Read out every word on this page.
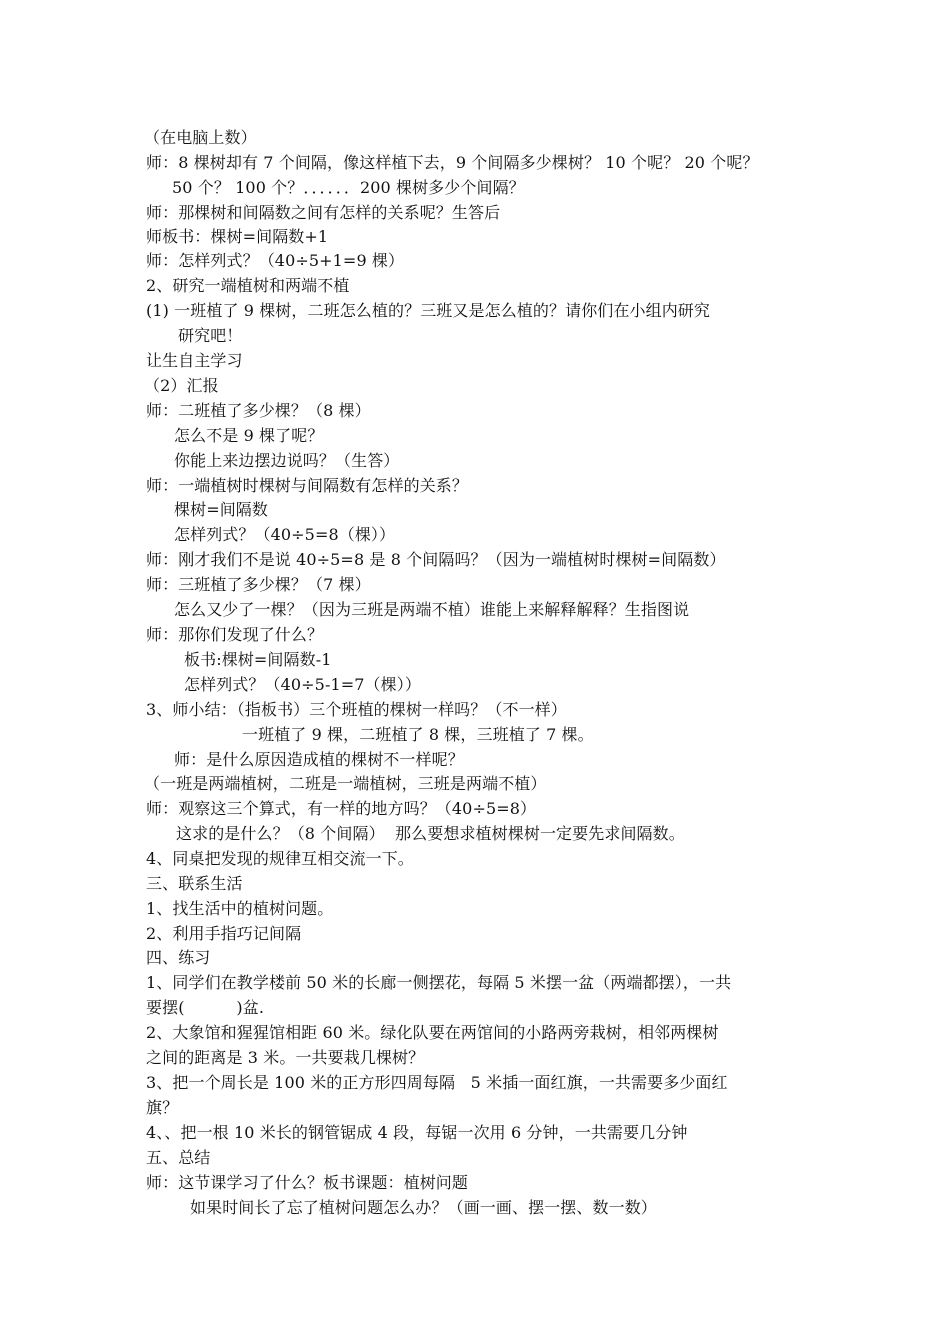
（在电脑上数）
师：8 棵树却有 7 个间隔，像这样植下去，9 个间隔多少棵树？ 10 个呢？ 20 个呢？
50 个？ 100 个？．．．．．．200 棵树多少个间隔？
师：那棵树和间隔数之间有怎样的关系呢？生答后
师板书：棵树=间隔数+1
师：怎样列式？（40÷5+1=9 棵）
2、研究一端植树和两端不植
(1) 一班植了 9 棵树，二班怎么植的？三班又是怎么植的？请你们在小组内研究
研究吧！
让生自主学习
（2）汇报
师：二班植了多少棵？（8 棵）
怎么不是 9 棵了呢？
你能上来边摆边说吗？（生答）
师：一端植树时棵树与间隔数有怎样的关系？
棵树=间隔数
怎样列式？（40÷5=8（棵））
师：刚才我们不是说 40÷5=8 是 8 个间隔吗？（因为一端植树时棵树=间隔数）
师：三班植了多少棵？（7 棵）
怎么又少了一棵？（因为三班是两端不植）谁能上来解释解释？生指图说
师：那你们发现了什么？
板书:棵树=间隔数-1
怎样列式？（40÷5-1=7（棵））
3、师小结：（指板书）三个班植的棵树一样吗？（不一样）
一班植了 9 棵，二班植了 8 棵，三班植了 7 棵。
师：是什么原因造成植的棵树不一样呢？
（一班是两端植树，二班是一端植树，三班是两端不植）
师：观察这三个算式，有一样的地方吗？（40÷5=8）
这求的是什么？（8 个间隔）  那么要想求植树棵树一定要先求间隔数。
4、同桌把发现的规律互相交流一下。
三、联系生活
1、找生活中的植树问题。
2、利用手指巧记间隔
四、练习
1、同学们在教学楼前 50 米的长廊一侧摆花，每隔 5 米摆一盆（两端都摆），一共
要摆(          )盆.
2、大象馆和猩猩馆相距 60 米。绿化队要在两馆间的小路两旁栽树，相邻两棵树
之间的距离是 3 米。一共要栽几棵树？
3、把一个周长是 100 米的正方形四周每隔   5 米插一面红旗，一共需要多少面红
旗？
4、、把一根 10 米长的钢管锯成 4 段，每锯一次用 6 分钟，一共需要几分钟
五、总结
师：这节课学习了什么？板书课题：植树问题
如果时间长了忘了植树问题怎么办？（画一画、摆一摆、数一数）
